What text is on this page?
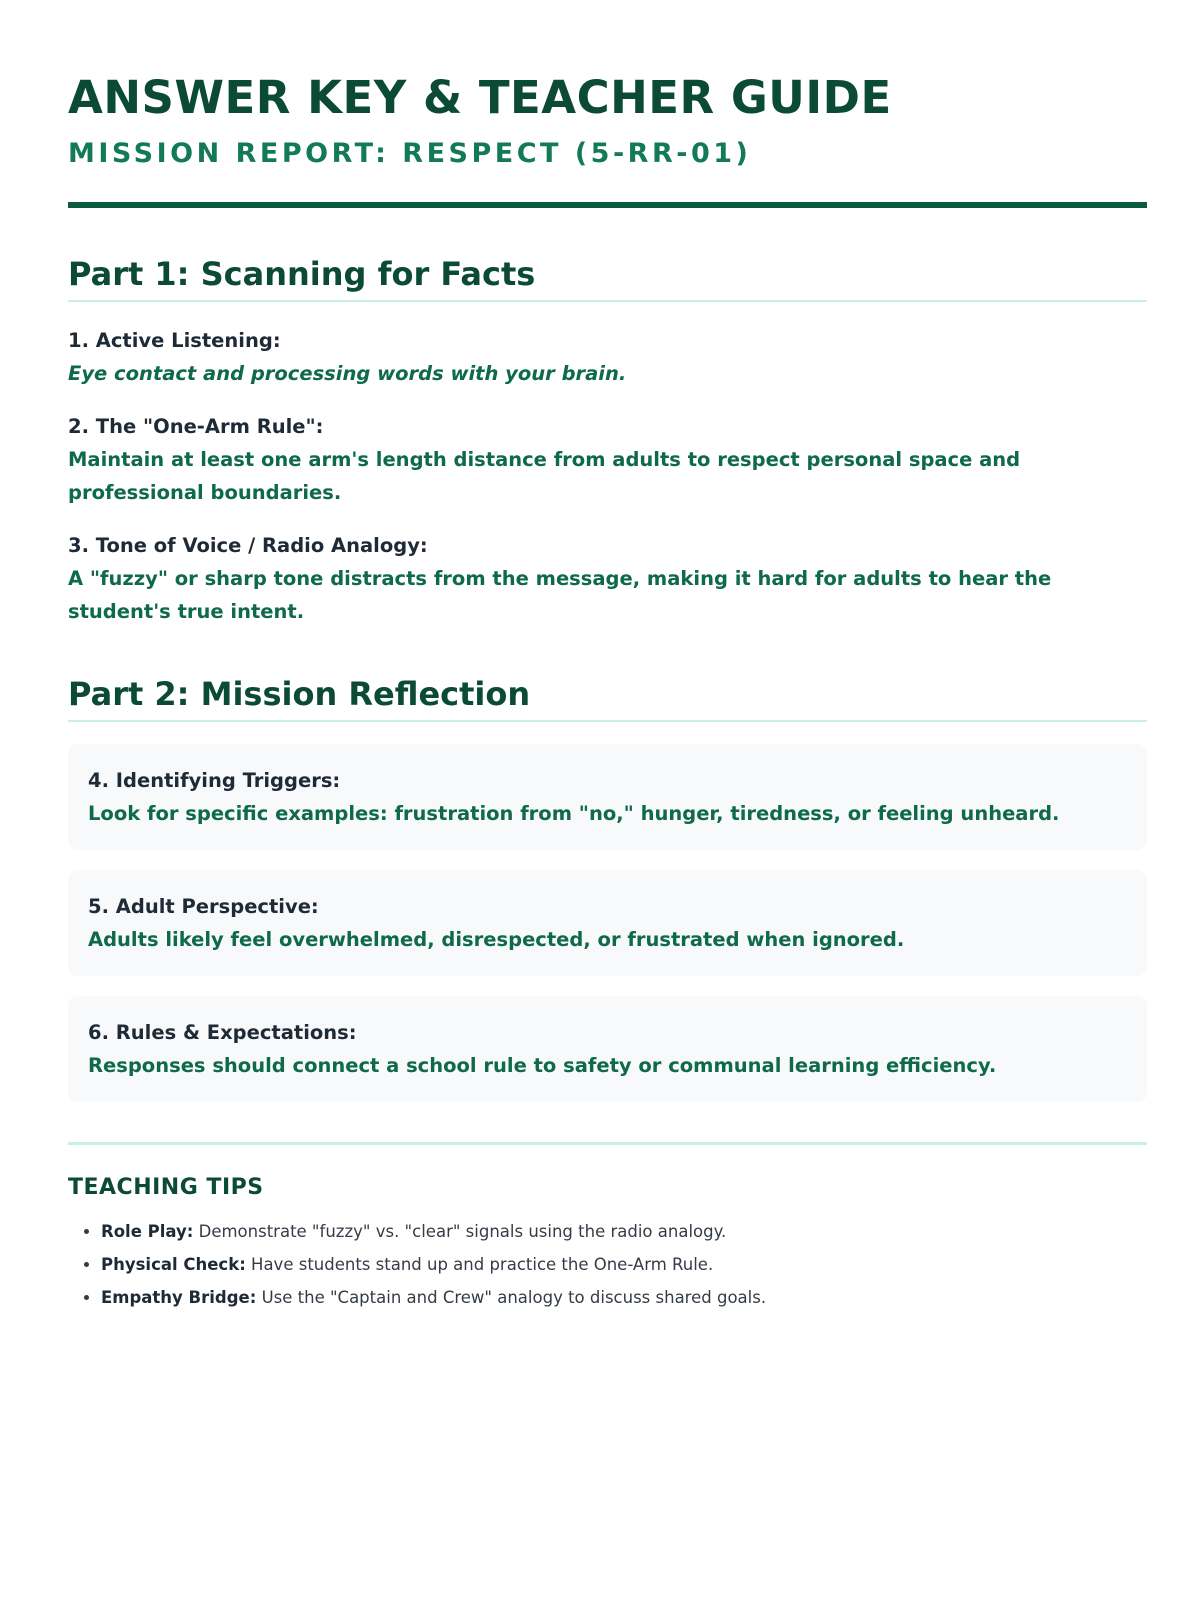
ANSWER KEY & TEACHER GUIDE
MISSION REPORT: RESPECT (5-RR-01)
Part 1: Scanning for Facts
1. Active Listening:
Eye contact and processing words with your brain.
2. The "One-Arm Rule":
Maintain at least one arm's length distance from adults to respect personal space and professional boundaries.
3. Tone of Voice / Radio Analogy:
A "fuzzy" or sharp tone distracts from the message, making it hard for adults to hear the student's true intent.
Part 2: Mission Reflection
4. Identifying Triggers:
Look for specific examples: frustration from "no," hunger, tiredness, or feeling unheard.
5. Adult Perspective:
Adults likely feel overwhelmed, disrespected, or frustrated when ignored.
6. Rules & Expectations:
Responses should connect a school rule to safety or communal learning efficiency.
TEACHING TIPS
• Role Play: Demonstrate "fuzzy" vs. "clear" signals using the radio analogy.
• Physical Check: Have students stand up and practice the One-Arm Rule.
• Empathy Bridge: Use the "Captain and Crew" analogy to discuss shared goals.
